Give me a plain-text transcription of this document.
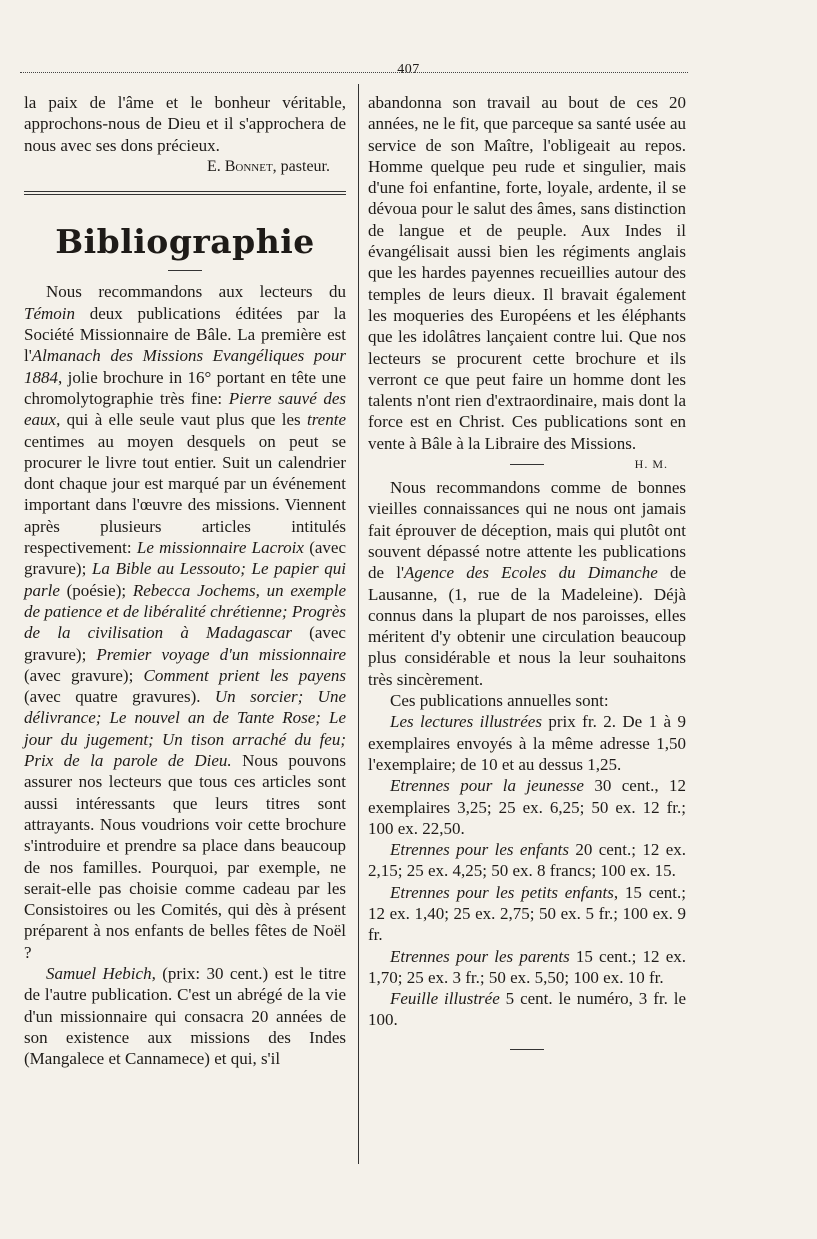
407

la paix de l'âme et le bonheur véritable, approchons-nous de Dieu et il s'approchera de nous avec ses dons précieux.

E. Bonnet, pasteur.

Bibliographie

Nous recommandons aux lecteurs du Témoin deux publications éditées par la Société Missionnaire de Bâle. La première est l'Almanach des Missions Evangéliques pour 1884, jolie brochure in 16° portant en tête une chromolytographie très fine: Pierre sauvé des eaux, qui à elle seule vaut plus que les trente centimes au moyen desquels on peut se procurer le livre tout entier. Suit un calendrier dont chaque jour est marqué par un événement important dans l'œuvre des missions. Viennent après plusieurs articles intitulés respectivement: Le missionnaire Lacroix (avec gravure); La Bible au Lessouto; Le papier qui parle (poésie); Rebecca Jochems, un exemple de patience et de libéralité chrétienne; Progrès de la civilisation à Madagascar (avec gravure); Premier voyage d'un missionnaire (avec gravure); Comment prient les payens (avec quatre gravures). Un sorcier; Une délivrance; Le nouvel an de Tante Rose; Le jour du jugement; Un tison arraché du feu; Prix de la parole de Dieu. Nous pouvons assurer nos lecteurs que tous ces articles sont aussi intéressants que leurs titres sont attrayants. Nous voudrions voir cette brochure s'introduire et prendre sa place dans beaucoup de nos familles. Pourquoi, par exemple, ne serait-elle pas choisie comme cadeau par les Consistoires ou les Comités, qui dès à présent préparent à nos enfants de belles fêtes de Noël ?

Samuel Hebich, (prix: 30 cent.) est le titre de l'autre publication. C'est un abrégé de la vie d'un missionnaire qui consacra 20 années de son existence aux missions des Indes (Mangalece et Cannamece) et qui, s'il

abandonna son travail au bout de ces 20 années, ne le fit, que parceque sa santé usée au service de son Maître, l'obligeait au repos. Homme quelque peu rude et singulier, mais d'une foi enfantine, forte, loyale, ardente, il se dévoua pour le salut des âmes, sans distinction de langue et de peuple. Aux Indes il évangélisait aussi bien les régiments anglais que les hardes payennes recueillies autour des temples de leurs dieux. Il bravait également les moqueries des Européens et les éléphants que les idolâtres lançaient contre lui. Que nos lecteurs se procurent cette brochure et ils verront ce que peut faire un homme dont les talents n'ont rien d'extraordinaire, mais dont la force est en Christ. Ces publications sont en vente à Bâle à la Libraire des Missions.
H. M.

Nous recommandons comme de bonnes vieilles connaissances qui ne nous ont jamais fait éprouver de déception, mais qui plutôt ont souvent dépassé notre attente les publications de l'Agence des Ecoles du Dimanche de Lausanne, (1, rue de la Madeleine). Déjà connus dans la plupart de nos paroisses, elles méritent d'y obtenir une circulation beaucoup plus considérable et nous la leur souhaitons très sincèrement.

Ces publications annuelles sont:

Les lectures illustrées prix fr. 2. De 1 à 9 exemplaires envoyés à la même adresse 1,50 l'exemplaire; de 10 et au dessus 1,25.

Etrennes pour la jeunesse 30 cent., 12 exemplaires 3,25; 25 ex. 6,25; 50 ex. 12 fr.; 100 ex. 22,50.

Etrennes pour les enfants 20 cent.; 12 ex. 2,15; 25 ex. 4,25; 50 ex. 8 francs; 100 ex. 15.

Etrennes pour les petits enfants, 15 cent.; 12 ex. 1,40; 25 ex. 2,75; 50 ex. 5 fr.; 100 ex. 9 fr.

Etrennes pour les parents 15 cent.; 12 ex. 1,70; 25 ex. 3 fr.; 50 ex. 5,50; 100 ex. 10 fr.

Feuille illustrée 5 cent. le numéro, 3 fr. le 100.
